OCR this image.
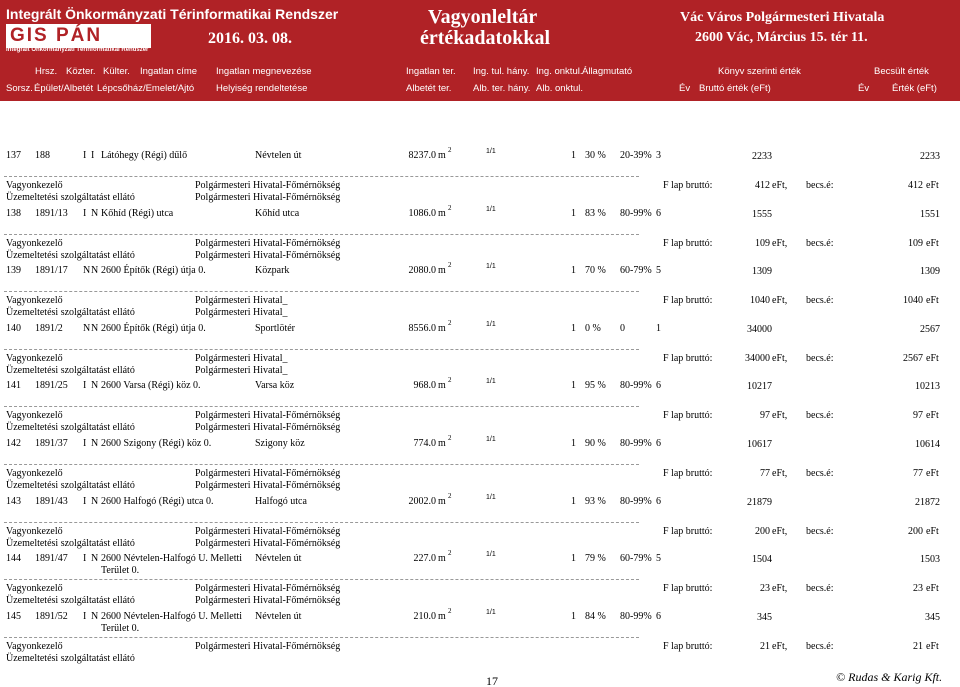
Integrált Önkormányzati Térinformatikai Rendszer
GIS PÁN
Integrált Önkormányzati Térinformatikai Rendszer
2016. 03. 08.
Vagyonleltár
értékadatokkal
Vác Város Polgármesteri Hivatala
2600 Vác, Március 15. tér 11.
Hrsz. Közter. Külter. Ingatlan címe Ingatlan megnevezése	Ingatlan ter. Ing. tul. hány. Ing. onktul. Állagmutató	Könyv szerinti érték	Becsült érték
Sorsz. Épület/Albetét Lépcsőház/Emelet/Ajtó Helyiség rendeltetése	Albetét ter. Alb. ter. hány. Alb. onktul.	Év Bruttó érték (eFt)	Év Érték (eFt)
137 188	I I Látóhegy (Régi) dűlő	Névtelen út	8237.0 m 2	1/1	1 30 % 20-39% 3	2233	2233
Vagyonkezelő	Polgármesteri Hivatal-Főmérnökség	F lap bruttó:	412 eFt, becs.é:	412 eFt
Üzemeltetési szolgáltatást ellátó	Polgármesteri Hivatal-Főmérnökség
138 1891/13 I N Kőhíd (Régi) utca	Kőhíd utca	1086.0 m 2	1/1	1 83 % 80-99% 6	1555	1551
Vagyonkezelő	Polgármesteri Hivatal-Főmérnökség	F lap bruttó:	109 eFt, becs.é:	109 eFt
Üzemeltetési szolgáltatást ellátó	Polgármesteri Hivatal-Főmérnökség
139 1891/17 N N 2600 Építők (Régi) útja 0.	Közpark	2080.0 m 2	1/1	1 70 % 60-79% 5	1309	1309
Vagyonkezelő	Polgármesteri Hivatal_	F lap bruttó:	1040 eFt, becs.é:	1040 eFt
Üzemeltetési szolgáltatást ellátó	Polgármesteri Hivatal_
140 1891/2 N N 2600 Építők (Régi) útja 0.	Sportlötér	8556.0 m 2	1/1	1 0 % 0	1	34000	2567
Vagyonkezelő	Polgármesteri Hivatal_	F lap bruttó:	34000 eFt, becs.é:	2567 eFt
Üzemeltetési szolgáltatást ellátó	Polgármesteri Hivatal_
141 1891/25 I N 2600 Varsa (Régi) köz 0.	Varsa köz	968.0 m 2	1/1	1 95 % 80-99% 6	10217	10213
Vagyonkezelő	Polgármesteri Hivatal-Főmérnökség	F lap bruttó:	97 eFt, becs.é:	97 eFt
Üzemeltetési szolgáltatást ellátó	Polgármesteri Hivatal-Főmérnökség
142 1891/37 I N 2600 Szigony (Régi) köz 0.	Szigony köz	774.0 m 2	1/1	1 90 % 80-99% 6	10617	10614
Vagyonkezelő	Polgármesteri Hivatal-Főmérnökség	F lap bruttó:	77 eFt, becs.é:	77 eFt
Üzemeltetési szolgáltatást ellátó	Polgármesteri Hivatal-Főmérnökség
143 1891/43 I N 2600 Halfogó (Régi) utca 0.	Halfogó utca	2002.0 m 2	1/1	1 93 % 80-99% 6	21879	21872
Vagyonkezelő	Polgármesteri Hivatal-Főmérnökség	F lap bruttó:	200 eFt, becs.é:	200 eFt
Üzemeltetési szolgáltatást ellátó	Polgármesteri Hivatal-Főmérnökség
144 1891/47 I N 2600 Névtelen-Halfogó U. Melletti
Terület 0.
Névtelen út	227.0 m 2	1/1	1 79 % 60-79% 5	1504	1503
Vagyonkezelő	Polgármesteri Hivatal-Főmérnökség	F lap bruttó:	23 eFt, becs.é:	23 eFt
Üzemeltetési szolgáltatást ellátó	Polgármesteri Hivatal-Főmérnökség
145 1891/52 I N 2600 Névtelen-Halfogó U. Melletti
Terület 0.
Névtelen út	210.0 m 2	1/1	1 84 % 80-99% 6	345	345
Vagyonkezelő	Polgármesteri Hivatal-Főmérnökség	F lap bruttó:	21 eFt, becs.é:	21 eFt
Üzemeltetési szolgáltatást ellátó
17	© Rudas & Karig Kft.
